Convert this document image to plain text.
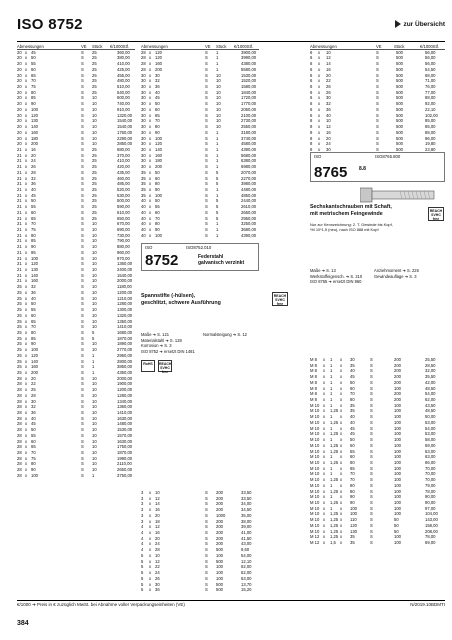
ISO 8752	zur Übersicht
Abmessungen	VE Stück €/1000Stf.
20 x 45	S 25	360,00
20 x 50	S 25	380,00
20 x 55	S 25	410,00
20 x 60	S 25	425,00
20 x 65	S 25	455,00
20 x 70	S 25	480,00
20 x 75	S 25	510,00
20 x 80	S 25	540,00
20 x 85	S 10	600,00
20 x 90	S 10	740,00
20 x 100	S 10	910,00
20 x 120	S 10	1320,00
20 x 130	S 10	1540,00
20 x 140	S 10	1540,00
20 x 160	S 10	1760,00
20 x 180	S 10	2290,00
20 x 200	S 10	2850,00
21 x 16	S 25	680,00
21 x 20	S 25	370,00
21 x 24	S 25	410,00
21 x 26	S 25	420,00
21 x 28	S 25	435,00
21 x 32	S 25	460,00
21 x 36	S 25	485,00
21 x 40	S 25	520,00
21 x 45	S 25	530,00
21 x 50	S 25	500,00
21 x 55	S 25	590,00
21 x 60	S 25	610,00
21 x 65	S 25	650,00
21 x 70	S 10	670,00
21 x 75	S 10	690,00
21 x 80	S 10	730,00
21 x 85	S 10	790,00
21 x 90	S 10	880,00
21 x 95	S 10	960,00
21 x 100	S 10	970,00
21 x 120	S 10	1360,00
21 x 130	S 10	2400,00
21 x 140	S 10	1540,00
21 x 160	S 10	2000,00
25 x 32	S 10	1180,00
25 x 36	S 10	1200,00
25 x 40	S 10	1210,00
25 x 50	S 10	1280,00
25 x 55	S 10	1300,00
25 x 60	S 10	1320,00
25 x 65	S 10	1350,00
25 x 70	S 10	1410,00
25 x 80	S 5	1680,00
25 x 85	S 5	1870,00
25 x 90	S 10	1890,00
25 x 100	S 10	2770,00
25 x 120	S 1	2950,00
25 x 140	S 1	2800,00
25 x 160	S 1	3850,00
25 x 200	S 1	4350,00
28 x 20	S 10	2000,00
28 x 22	S 10	1900,00
28 x 25	S 10	1200,00
28 x 28	S 10	1280,00
28 x 30	S 10	1340,00
28 x 32	S 10	1360,00
28 x 36	S 10	1410,00
28 x 40	S 10	1630,00
28 x 45	S 10	1480,00
28 x 50	S 10	1530,00
28 x 55	S 10	1570,00
28 x 60	S 10	1630,00
28 x 65	S 10	1750,00
28 x 70	S 10	1870,00
28 x 75	S 10	1990,00
28 x 80	S 10	2110,00
28 x 90	S 10	2650,00
28 x 100	S 1	3750,00
Abmessungen	VE Stück €/1000Stf.
28 x 120	S 1	3900,00
28 x 120	S 1	3990,00
28 x 160	S 1	4380,00
28 x 200	S 1	5580,00
30 x 30	S 10	1530,00
30 x 32	S 10	1520,00
30 x 36	S 10	1580,00
30 x 40	S 10	1840,00
30 x 45	S 10	1720,00
30 x 50	S 10	1770,00
30 x 60	S 10	2060,00
30 x 65	S 10	2100,00
30 x 70	S 10	2730,00
30 x 80	S 10	2550,00
30 x 90	S 1	3180,00
30 x 100	S 1	3740,00
30 x 120	S 1	4580,00
30 x 140	S 1	4390,00
30 x 160	S 1	5680,00
30 x 180	S 1	6380,00
30 x 200	S 1	6980,00
35 x 50	S 5	2070,00
35 x 60	S 5	2270,00
35 x 80	S 5	3980,00
35 x 90	S 1	4480,00
35 x 100	S 1	4850,00
40 x 50	S 5	2440,00
40 x 55	S 5	2610,00
40 x 60	S 5	2660,00
40 x 70	S 5	2950,00
40 x 80	S 1	3250,00
40 x 90	S 1	3680,00
40 x 100	S 1	4390,00
Abmessungen	VE	Stück	€/1000Stf.
6 x 10	S	500	56,00
6 x 12	S	500	56,00
6 x 14	S	500	56,00
6 x 16	S	500	54,50
6 x 20	S	500	68,00
6 x 22	S	500	71,00
6 x 26	S	500	76,00
6 x 26	S	500	77,00
6 x 30	S	500	88,00
6 x 32	S	500	92,00
6 x 36	S	500	22,10
6 x 40	S	500	102,00
8 x 10	S	500	85,00
8 x 12	S	500	85,00
8 x 16	S	500	88,00
8 x 20	S	500	96,00
8 x 24	S	500	19,80
8 x 30	S	500	23,80
ISO	ISO8752.010
8752	Federstahl
galvanisch verzinkt
Spannstifte (-hülsen),
geschlitzt, schwere Ausführung
REACH SVHC free
Maße ➔ S. 121	Normalsteigung ➔ S. 12
Materialstahl ➔ S. 128
Korrosion ➔ S. 3
ISO 8752 ➔ ersetzt DIN 1481
RoHS	REACH SVHC free
3 x 10	S 200	33,50
3 x 12	S 200	33,50
3 x 14	S 200	34,00
3 x 16	S 200	34,50
3 x 20	S 1000	35,00
3 x 18	S 200	38,00
4 x 12	S 200	39,00
4 x 16	S 200	41,00
4 x 20	S 200	41,50
4 x 24	S 200	43,00
4 x 28	S 500	9,60
5 x 10	S 100	54,00
5 x 12	S 500	12,10
5 x 22	S 100	62,00
5 x 24	S 100	62,00
5 x 26	S 100	63,00
5 x 30	S 500	13,70
5 x 36	S 500	15,20
ISO	ISO8765.800
8765 8.8
Sechskantschrauben mit Schaft,
mit metrischem Feingewinde
Nur zur Kennzeichnung: 2. T. Gewinde bis Kopf,
*M 10*1,5 (neu), nach ISO 888 mit Kopf
REACH SVHC free
Maße ➔ S. 13	Anziehmoment ➔ S. 226
Werkstoffeigensch. ➔ S. 210	Gewindeauflage ➔ S. 3
ISO 8765 ➔ ersetzt DIN 960
M 8 x 1 x 30	S	200	25,50
M 8 x 1 x 35	S	200	28,50
M 8 x 1 x 40	S	200	32,00
M 8 x 1 x 45	S	200	35,50
M 8 x 1 x 50	S	200	42,00
M 8 x 1 x 60	S	100	48,50
M 8 x 1 x 70	S	200	54,00
M 8 x 1 x 80	S	200	62,00
M 10 x 1 x 35	S	100	43,50
M 10 x 1,25 x 35	S	100	48,50
M 10 x 1 x 40	S	100	50,00
M 10 x 1,25 x 40	S	100	53,00
M 10 x 1 x 45	S	100	54,00
M 10 x 1,25 x 45	S	100	53,00
M 10 x 1 x 50	S	100	58,00
M 10 x 1,25 x 50	S	100	59,00
M 10 x 1,25 x 55	S	100	63,00
M 10 x 1 x 60	S	100	63,00
M 10 x 1,25 x 60	S	100	66,00
M 10 x 1 x 65	S	100	70,00
M 10 x 1 x 70	S	100	70,00
M 10 x 1,25 x 70	S	100	70,00
M 10 x 1 x 80	S	100	79,00
M 10 x 1,25 x 80	S	100	78,00
M 10 x 1 x 90	S	100	90,00
M 10 x 1,25 x 90	S	100	90,00
M 10 x 1 x 100	S	100	97,00
M 10 x 1,25 x 100	S	100	104,00
M 10 x 1,25 x 110	S	50	143,00
M 10 x 1,25 x 120	S	50	158,00
M 10 x 1,25 x 130	S	50	208,00
M 12 x 1,25 x 35	S	100	78,00
M 12 x 1,5 x 35	S	100	69,00
€/1000 ➔ Preis in € zuzüglich MwSt. bei Abnahme voller Verpackungseinheiten (VE)	N/2019.10BDMTI
384
